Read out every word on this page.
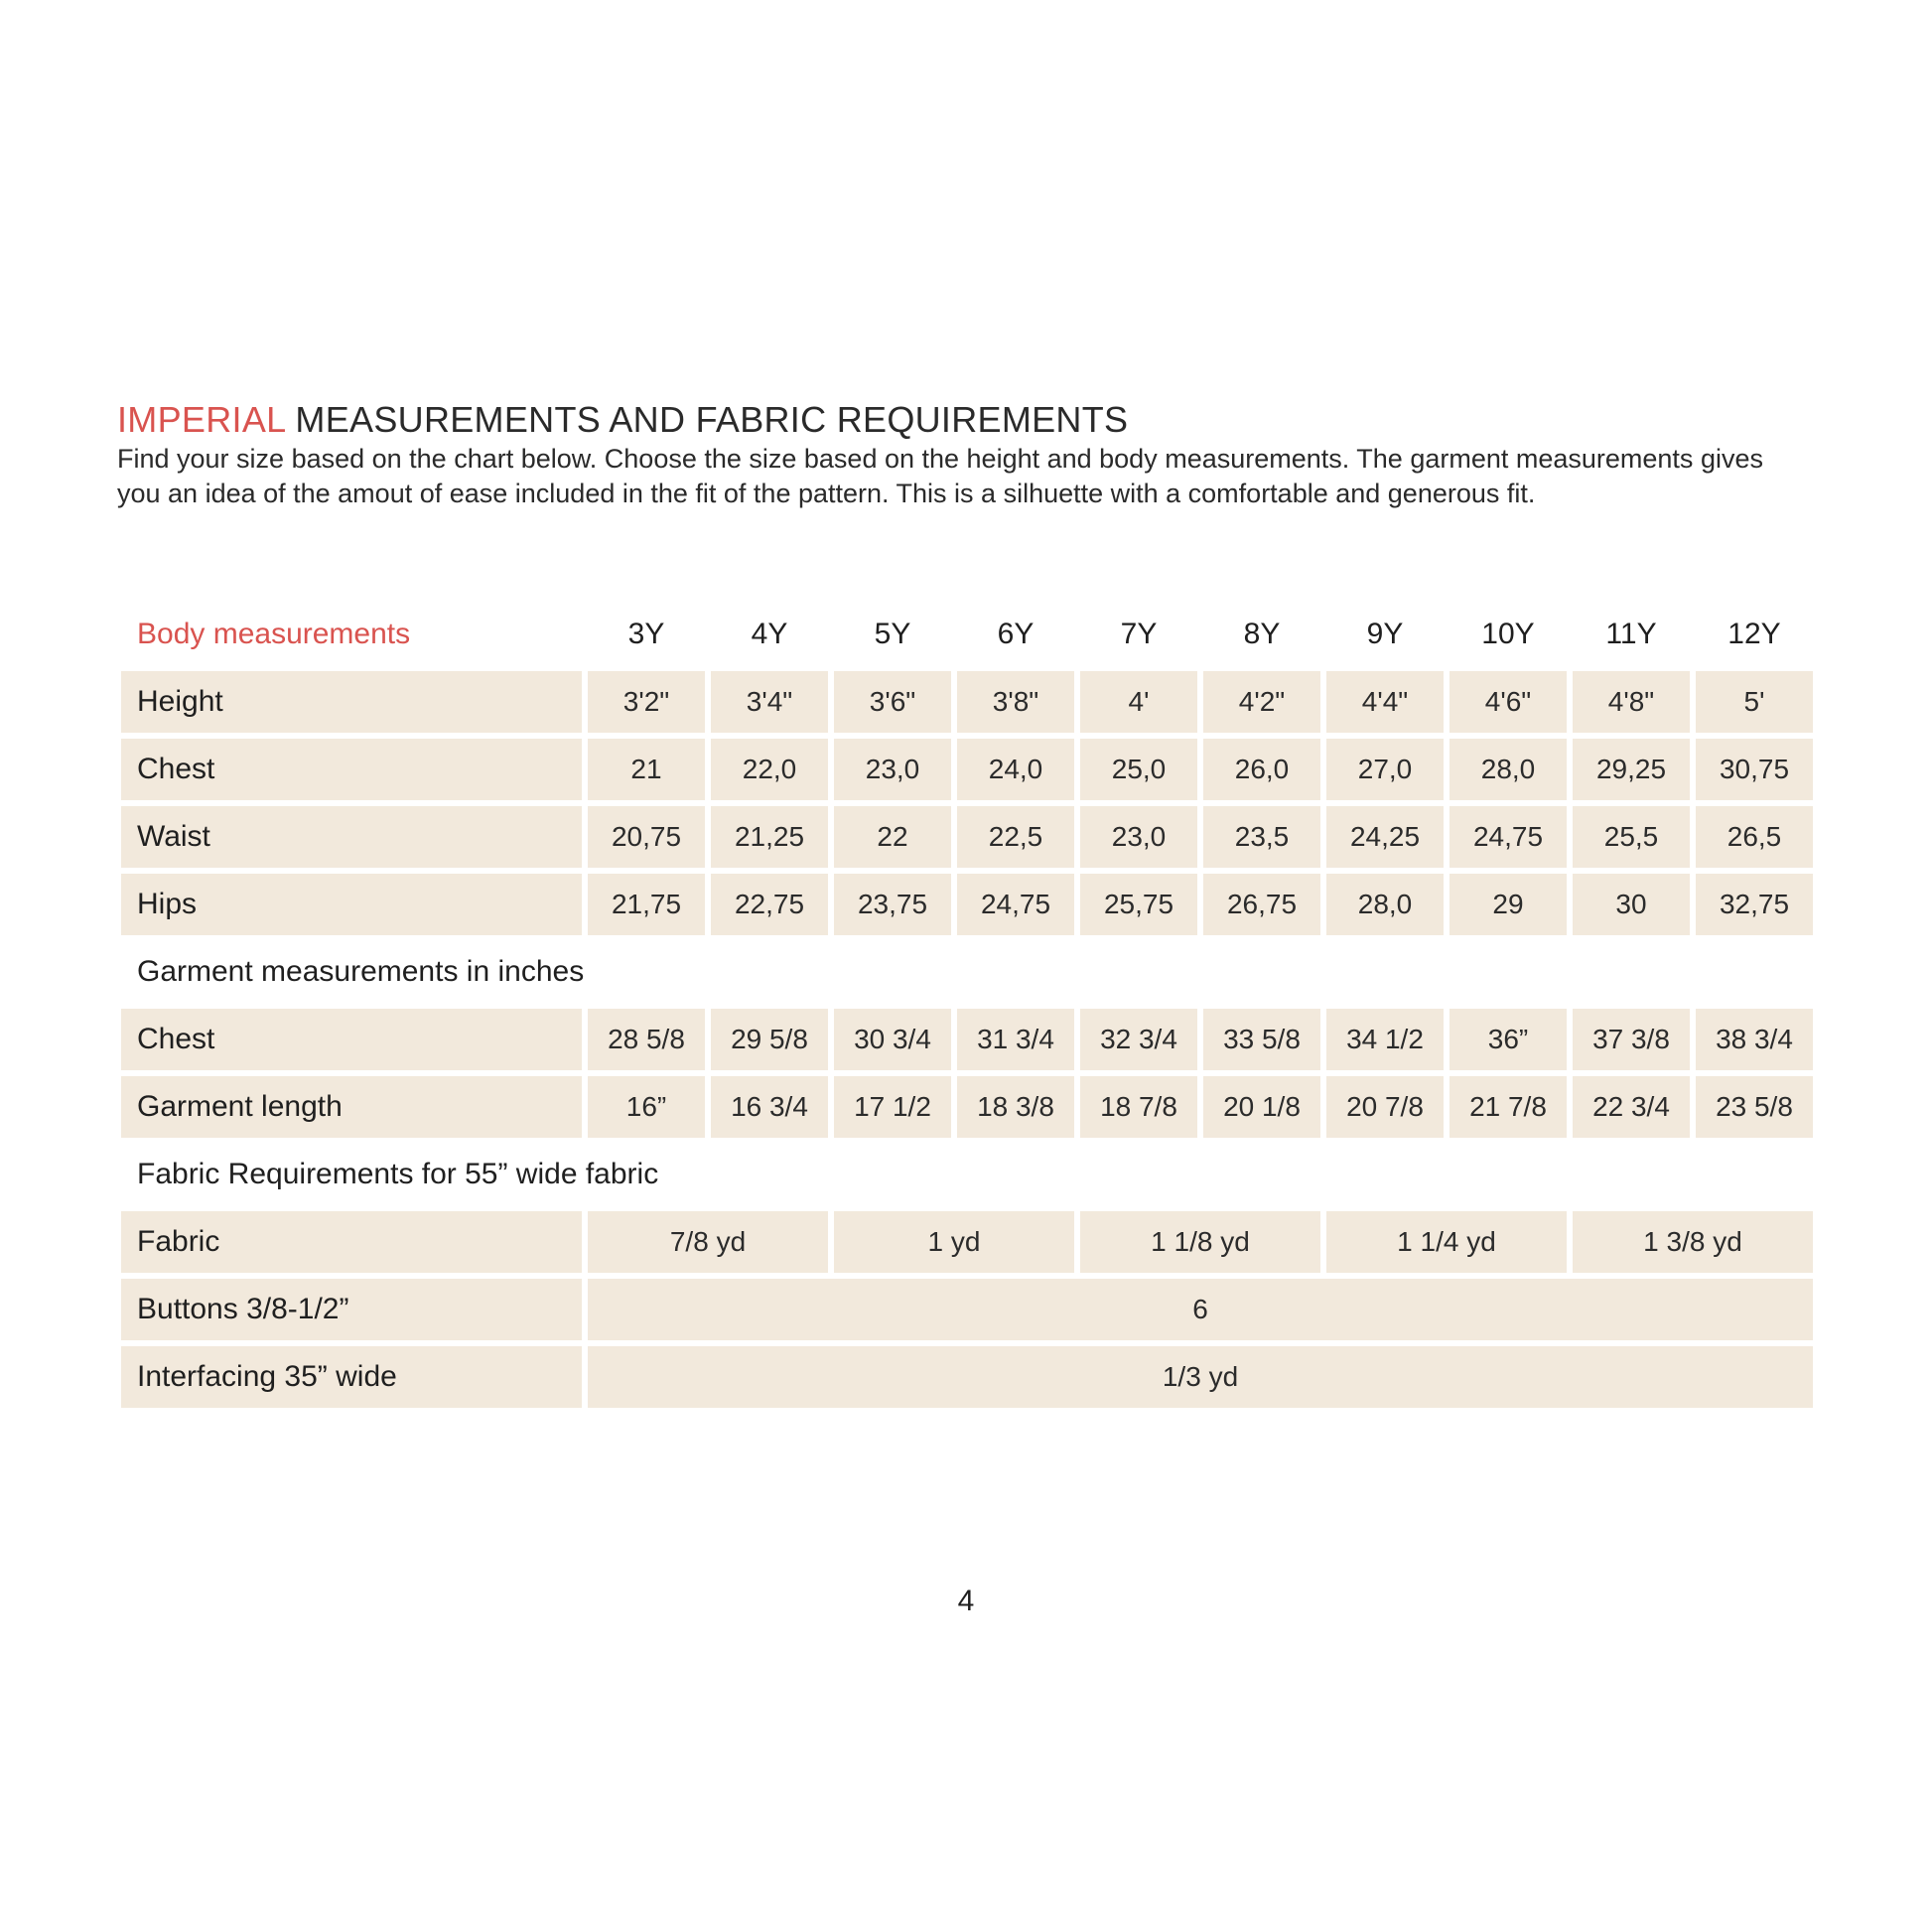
IMPERIAL MEASUREMENTS AND FABRIC REQUIREMENTS
Find your size based on the chart below. Choose the size based on the height and body measurements. The garment measurements gives you an idea of the amout of ease included in the fit of the pattern. This is a silhuette with a comfortable and generous fit.
Body measurements	3Y	4Y	5Y	6Y	7Y	8Y	9Y	10Y	11Y	12Y
Height	3'2"	3'4"	3'6"	3'8"	4'	4'2"	4'4"	4'6"	4'8"	5'
Chest	21	22,0	23,0	24,0	25,0	26,0	27,0	28,0	29,25	30,75
Waist	20,75	21,25	22	22,5	23,0	23,5	24,25	24,75	25,5	26,5
Hips	21,75	22,75	23,75	24,75	25,75	26,75	28,0	29	30	32,75
Garment measurements in inches
Chest	28 5/8	29 5/8	30 3/4	31 3/4	32 3/4	33 5/8	34 1/2	36”	37 3/8	38 3/4
Garment length	16”	16 3/4	17 1/2	18 3/8	18 7/8	20 1/8	20 7/8	21 7/8	22 3/4	23 5/8
Fabric Requirements for 55” wide fabric
Fabric	7/8 yd	1 yd	1 1/8 yd	1 1/4 yd	1 3/8 yd
Buttons 3/8-1/2”	6
Interfacing 35” wide	1/3 yd
4
